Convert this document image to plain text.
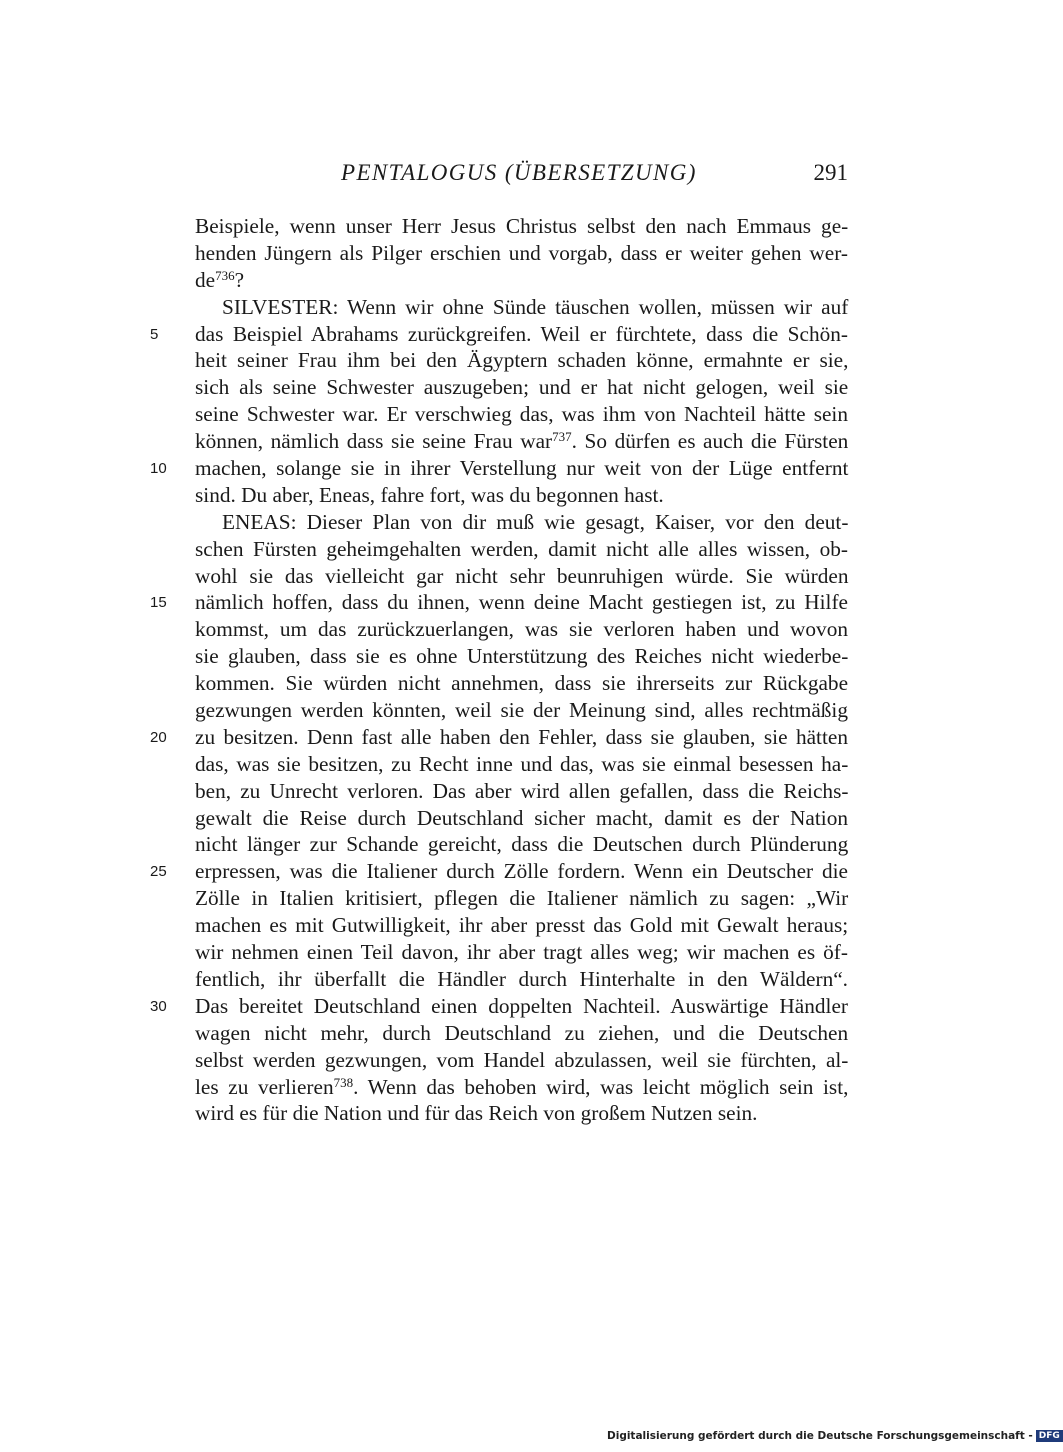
PENTALOGUS (ÜBERSETZUNG)	291
Beispiele, wenn unser Herr Jesus Christus selbst den nach Emmaus ge-
henden Jüngern als Pilger erschien und vorgab, dass er weiter gehen wer-
$de^{736}$?
SILVESTER: Wenn wir ohne Sünde täuschen wollen, müssen wir auf
5	das Beispiel Abrahams zurückgreifen. Weil er fürchtete, dass die Schön-
heit seiner Frau ihm bei den Ägyptern schaden könne, ermahnte er sie,
sich als seine Schwester auszugeben; und er hat nicht gelogen, weil sie
seine Schwester war. Er verschwieg das, was ihm von Nachteil hätte sein
können, nämlich dass sie seine Frau war$^{737}$. So dürfen es auch die Fürsten
10 machen, solange sie in ihrer Verstellung nur weit von der Lüge entfernt
sind. Du aber, Eneas, fahre fort, was du begonnen hast.
ENEAS: Dieser Plan von dir muß wie gesagt, Kaiser, vor den deut-
schen Fürsten geheimgehalten werden, damit nicht alle alles wissen, ob-
wohl sie das vielleicht gar nicht sehr beunruhigen würde. Sie würden
15 nämlich hoffen, dass du ihnen, wenn deine Macht gestiegen ist, zu Hilfe
kommst, um das zurückzuerlangen, was sie verloren haben und wovon
sie glauben, dass sie es ohne Unterstützung des Reiches nicht wiederbe-
kommen. Sie würden nicht annehmen, dass sie ihrerseits zur Rückgabe
gezwungen werden könnten, weil sie der Meinung sind, alles rechtmäßig
20 zu besitzen. Denn fast alle haben den Fehler, dass sie glauben, sie hätten
das, was sie besitzen, zu Recht inne und das, was sie einmal besessen ha-
ben, zu Unrecht verloren. Das aber wird allen gefallen, dass die Reichs-
gewalt die Reise durch Deutschland sicher macht, damit es der Nation
nicht länger zur Schande gereicht, dass die Deutschen durch Plünderung
25 erpressen, was die Italiener durch Zölle fordern. Wenn ein Deutscher die
Zölle in Italien kritisiert, pflegen die Italiener nämlich zu sagen: „Wir
machen es mit Gutwilligkeit, ihr aber presst das Gold mit Gewalt heraus;
wir nehmen einen Teil davon, ihr aber tragt alles weg; wir machen es öf-
fentlich, ihr überfallt die Händler durch Hinterhalte in den Wäldern“.
30 Das bereitet Deutschland einen doppelten Nachteil. Auswärtige Händler
wagen nicht mehr, durch Deutschland zu ziehen, und die Deutschen
selbst werden gezwungen, vom Handel abzulassen, weil sie fürchten, al-
les zu verlieren$^{738}$. Wenn das behoben wird, was leicht möglich sein ist,
wird es für die Nation und für das Reich von großem Nutzen sein.
Digitalisierung gefördert durch die Deutsche Forschungsgemeinschaft - DFG
